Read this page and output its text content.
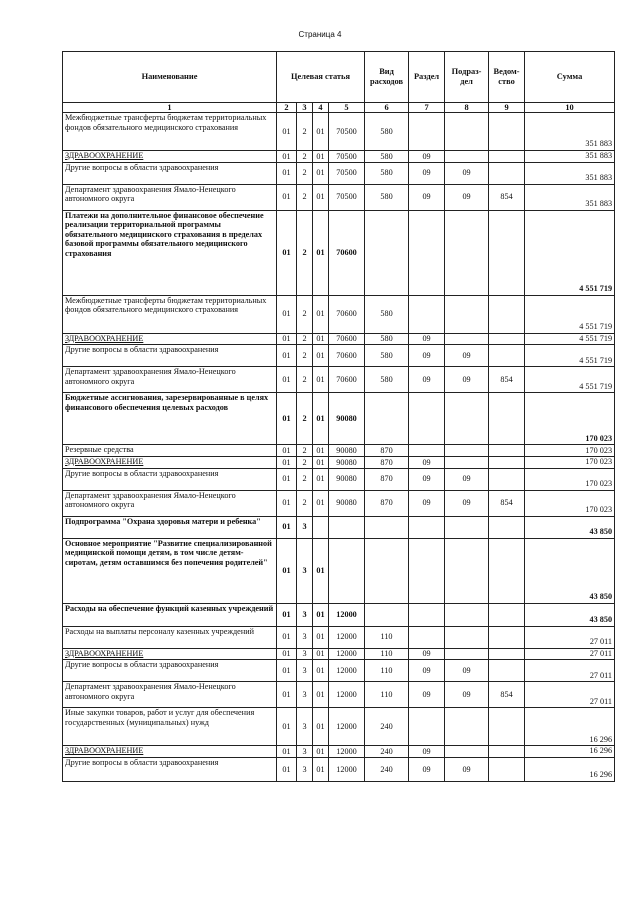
Страница 4
Наименование	Целевая статья				Вид расходов	Раздел	Подраз-дел	Ведом-ство	Сумма
1	2	3	4	5	6	7	8	9	10
Межбюджетные трансферты бюджетам территориальных фондов обязательного медицинского страхования	01	2	01	70500	580				351 883
ЗДРАВООХРАНЕНИЕ	01	2	01	70500	580	09			351 883
Другие вопросы в области здравоохранения	01	2	01	70500	580	09	09		351 883
Департамент здравоохранения Ямало-Ненецкого автономного округа	01	2	01	70500	580	09	09	854	351 883
Платежи на дополнительное финансовое обеспечение реализации территориальной программы обязательного медицинского страхования в пределах базовой программы обязательного медицинского страхования	01	2	01	70600					4 551 719
Межбюджетные трансферты бюджетам территориальных фондов обязательного медицинского страхования	01	2	01	70600	580				4 551 719
ЗДРАВООХРАНЕНИЕ	01	2	01	70600	580	09			4 551 719
Другие вопросы в области здравоохранения	01	2	01	70600	580	09	09		4 551 719
Департамент здравоохранения Ямало-Ненецкого автономного округа	01	2	01	70600	580	09	09	854	4 551 719
Бюджетные ассигнования, зарезервированные в целях финансового обеспечения целевых расходов	01	2	01	90080					170 023
Резервные средства	01	2	01	90080	870				170 023
ЗДРАВООХРАНЕНИЕ	01	2	01	90080	870	09			170 023
Другие вопросы в области здравоохранения	01	2	01	90080	870	09	09		170 023
Департамент здравоохранения Ямало-Ненецкого автономного округа	01	2	01	90080	870	09	09	854	170 023
Подпрограмма "Охрана здоровья матери и ребенка"	01	3							43 850
Основное мероприятие "Развитие специализированной медицинской помощи детям, в том числе детям-сиротам, детям оставшимся без попечения родителей"	01	3	01						43 850
Расходы на обеспечение функций казенных учреждений	01	3	01	12000					43 850
Расходы на выплаты персоналу казенных учреждений	01	3	01	12000	110				27 011
ЗДРАВООХРАНЕНИЕ	01	3	01	12000	110	09			27 011
Другие вопросы в области здравоохранения	01	3	01	12000	110	09	09		27 011
Департамент здравоохранения Ямало-Ненецкого автономного округа	01	3	01	12000	110	09	09	854	27 011
Иные закупки товаров, работ и услуг для обеспечения государственных (муниципальных) нужд	01	3	01	12000	240				16 296
ЗДРАВООХРАНЕНИЕ	01	3	01	12000	240	09			16 296
Другие вопросы в области здравоохранения	01	3	01	12000	240	09	09		16 296
